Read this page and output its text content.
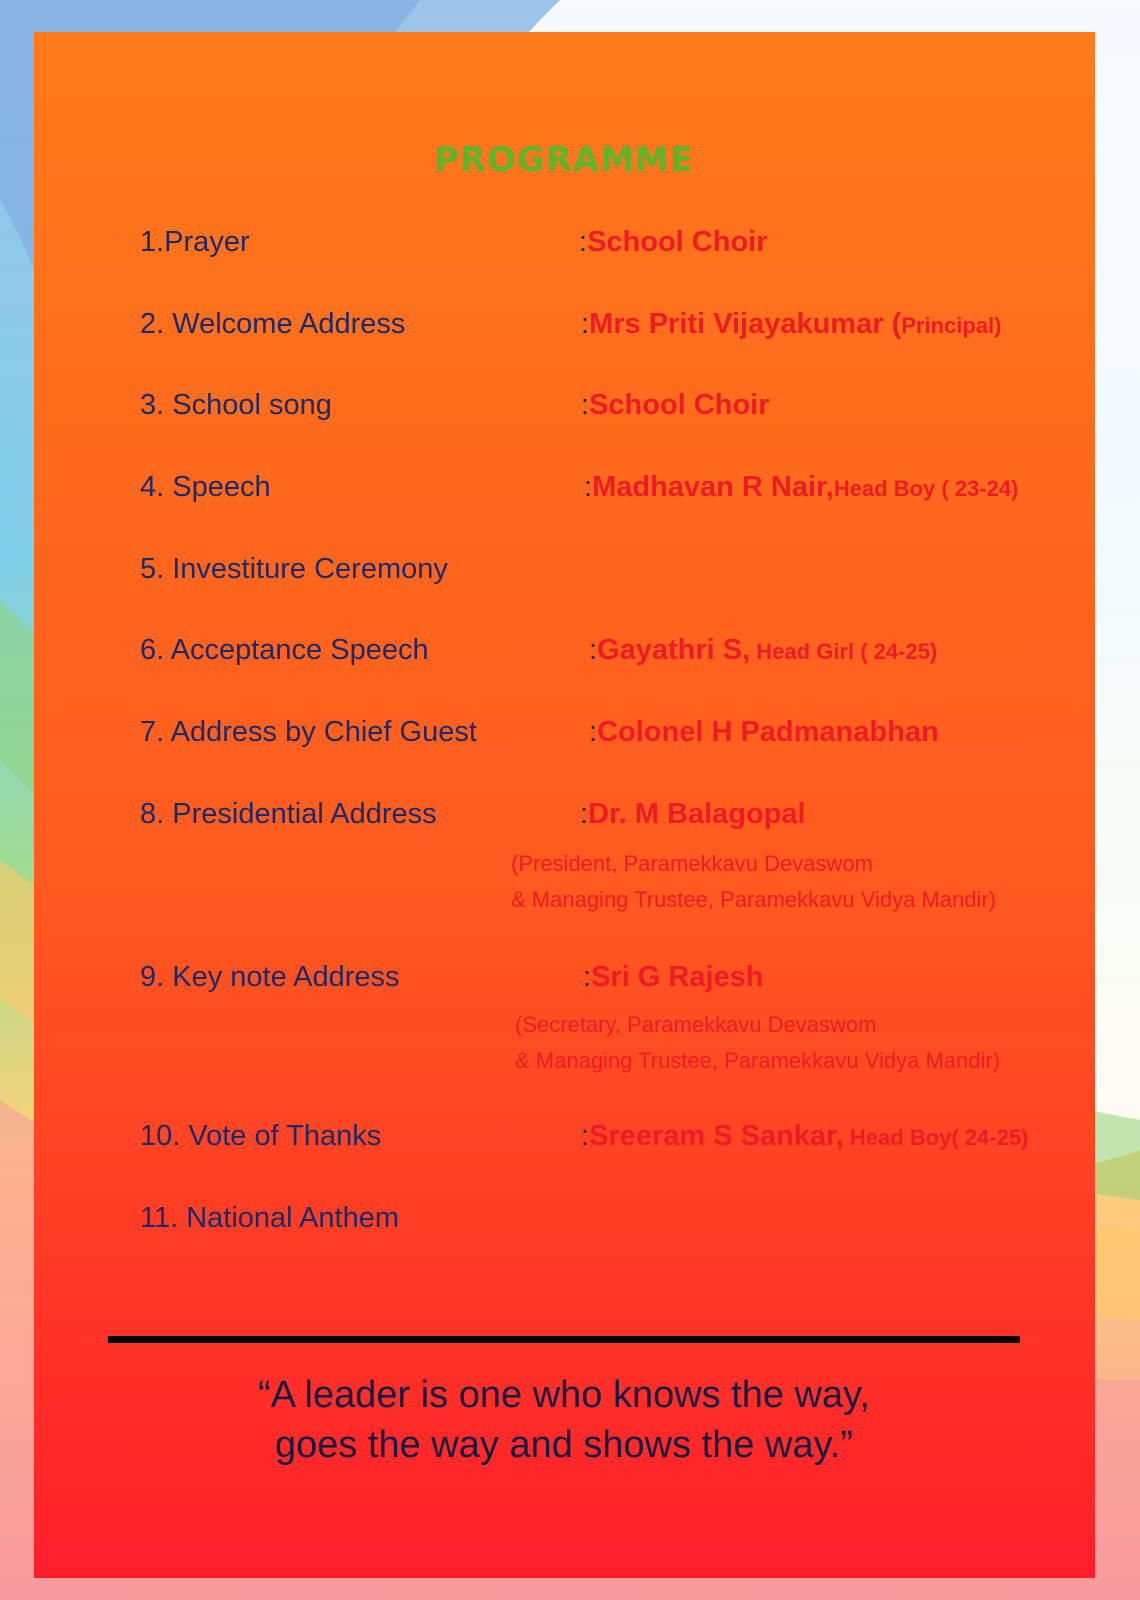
PROGRAMME
1.Prayer	:School Choir
2. Welcome Address	:Mrs Priti Vijayakumar (Principal)
3. School song	:School Choir
4. Speech	:Madhavan R Nair,Head Boy ( 23-24)
5. Investiture Ceremony
6. Acceptance Speech	:Gayathri S, Head Girl ( 24-25)
7. Address by Chief Guest	:Colonel H Padmanabhan
8. Presidential Address	:Dr. M Balagopal
(President, Paramekkavu Devaswom
& Managing Trustee, Paramekkavu Vidya Mandir)
9. Key note Address	:Sri G Rajesh
(Secretary, Paramekkavu Devaswom
& Managing Trustee, Paramekkavu Vidya Mandir)
10. Vote of Thanks	:Sreeram S Sankar, Head Boy( 24-25)
11. National Anthem
“A leader is one who knows the way,
goes the way and shows the way.”
